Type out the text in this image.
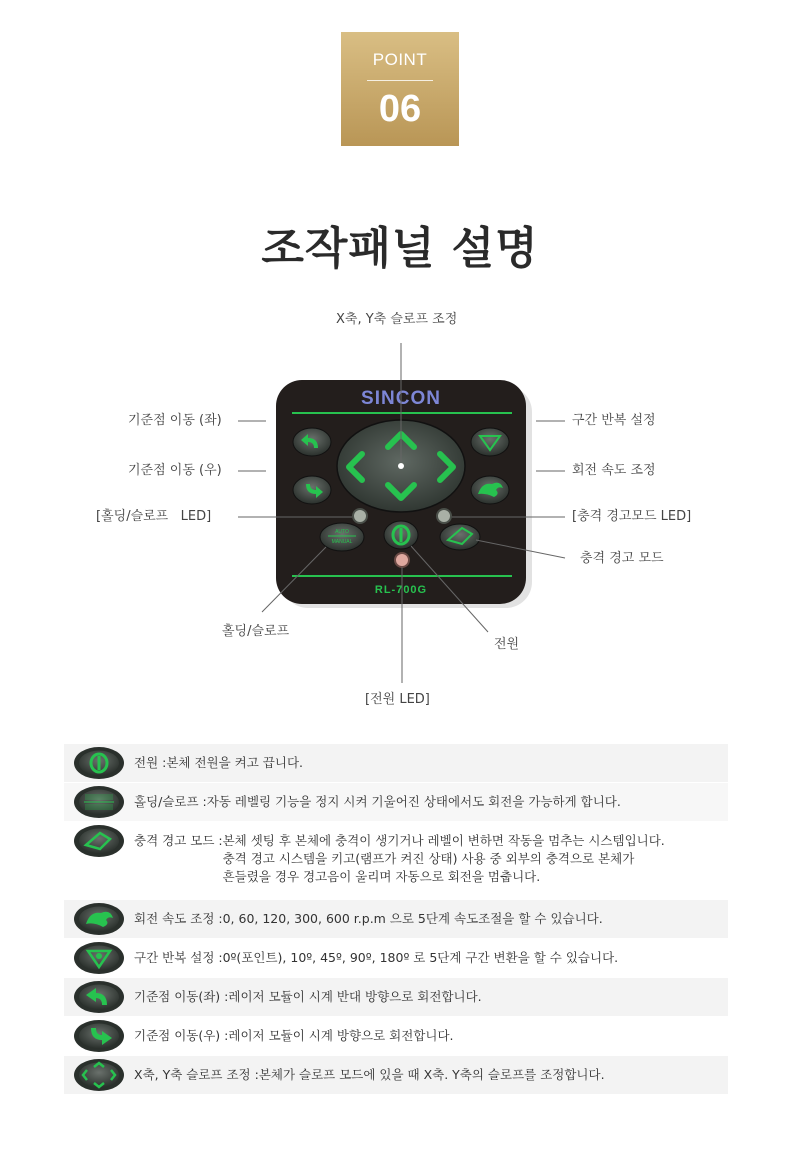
POINT
06
조작패널 설명
SINCON
RL-700G
AUTO
MANUAL
X축, Y축 슬로프 조정
기준점 이동 (좌)
기준점 이동 (우)
[홀딩/슬로프   LED]
홀딩/슬로프
[전원 LED]
전원
구간 반복 설정
회전 속도 조정
[충격 경고모드 LED]
충격 경고 모드
전원 : 본체 전원을 켜고 끕니다.
홀딩/슬로프 : 자동 레벨링 기능을 정지 시켜 기울어진 상태에서도 회전을 가능하게 합니다.
충격 경고 모드 : 본체 셋팅 후 본체에 충격이 생기거나 레벨이 변하면 작동을 멈추는 시스템입니다.
충격 경고 시스템을 키고(램프가 켜진 상태) 사용 중 외부의 충격으로 본체가
흔들렸을 경우 경고음이 울리며 자동으로 회전을 멈춥니다.
회전 속도 조정 : 0, 60, 120, 300, 600 r.p.m 으로 5단계 속도조절을 할 수 있습니다.
구간 반복 설정 : 0º(포인트), 10º, 45º, 90º, 180º 로 5단계 구간 변환을 할 수 있습니다.
기준점 이동(좌) : 레이저 모듈이 시계 반대 방향으로 회전합니다.
기준점 이동(우) : 레이저 모듈이 시계 방향으로 회전합니다.
X축, Y축 슬로프 조정 : 본체가 슬로프 모드에 있을 때 X축. Y축의 슬로프를 조정합니다.
